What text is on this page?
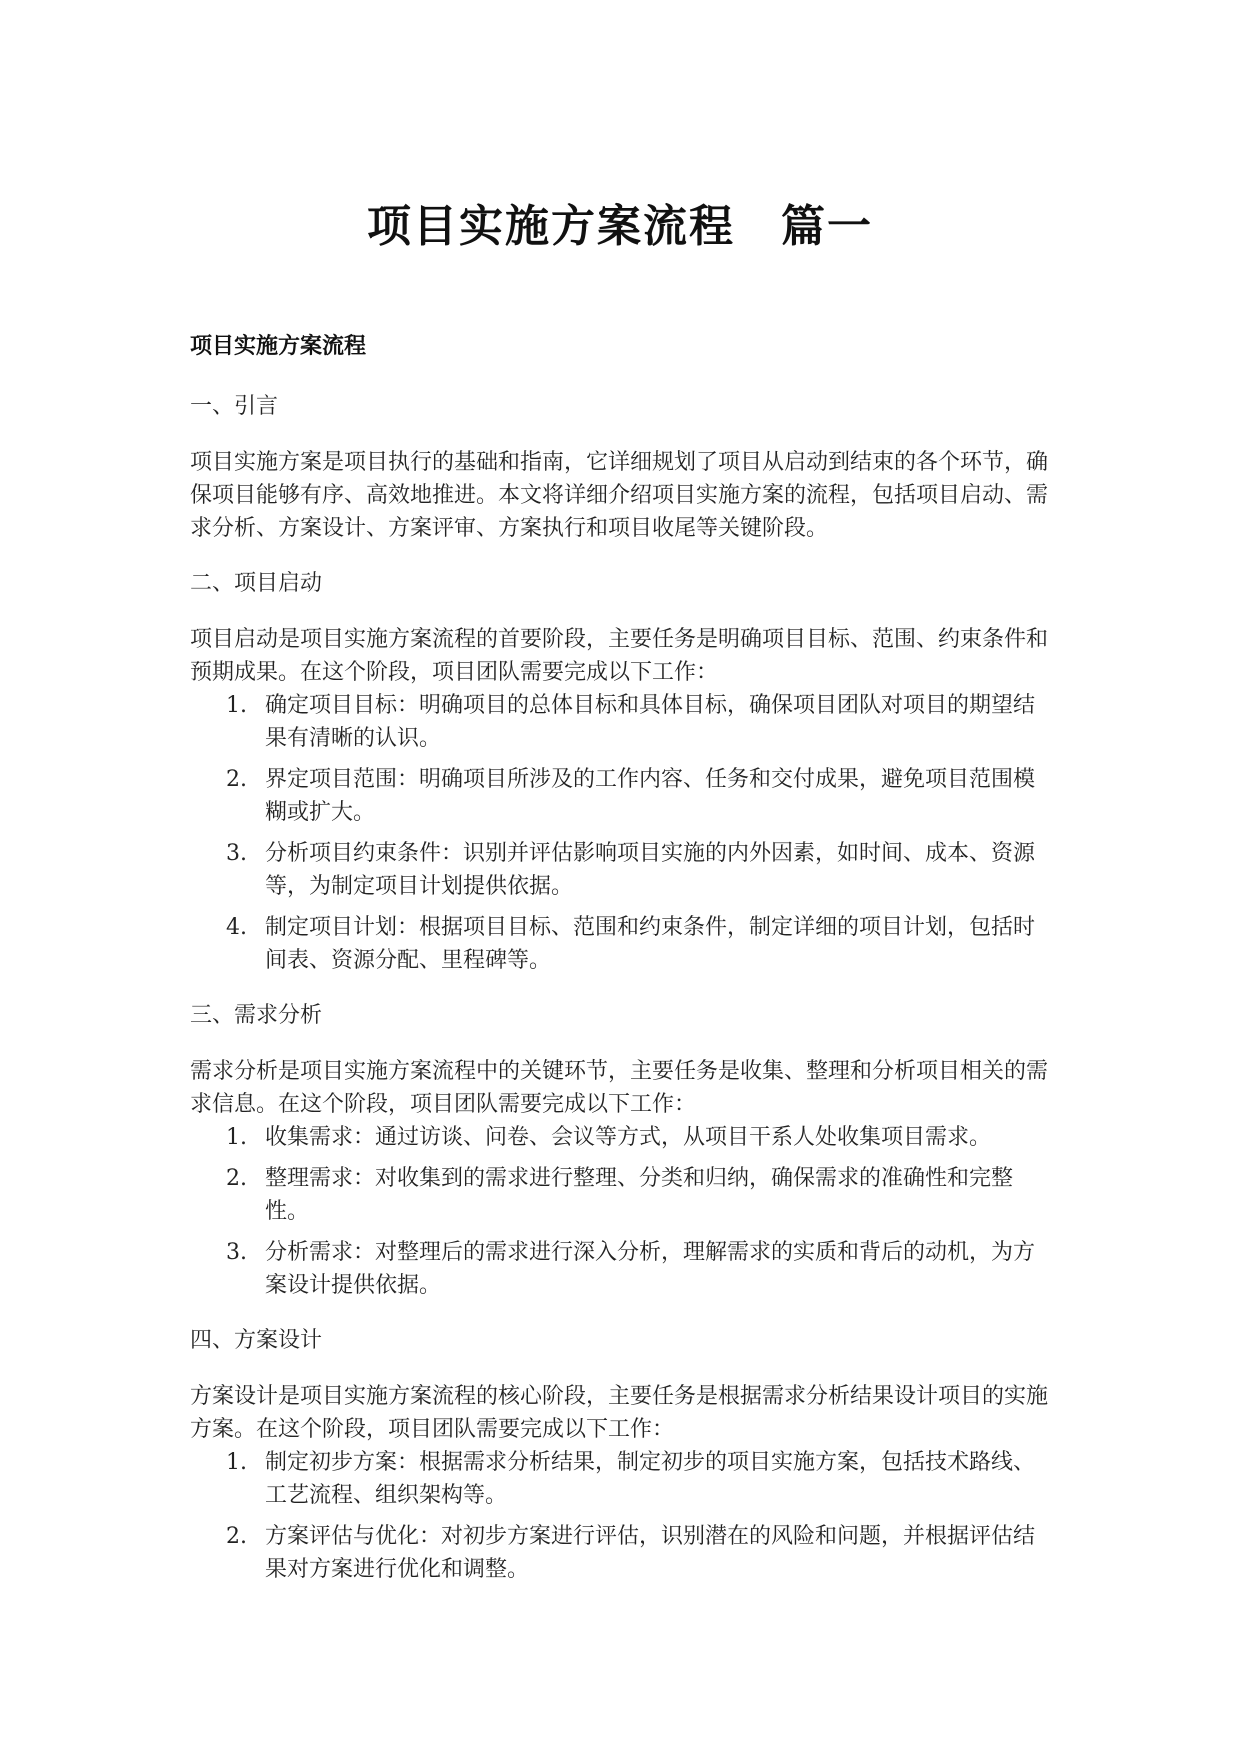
项目实施方案流程　篇一
项目实施方案流程
一、引言

项目实施方案是项目执行的基础和指南，它详细规划了项目从启动到结束的各个环节，确保项目能够有序、高效地推进。本文将详细介绍项目实施方案的流程，包括项目启动、需求分析、方案设计、方案评审、方案执行和项目收尾等关键阶段。

二、项目启动

项目启动是项目实施方案流程的首要阶段，主要任务是明确项目目标、范围、约束条件和预期成果。在这个阶段，项目团队需要完成以下工作：

1. 确定项目目标：明确项目的总体目标和具体目标，确保项目团队对项目的期望结果有清晰的认识。
2. 界定项目范围：明确项目所涉及的工作内容、任务和交付成果，避免项目范围模糊或扩大。
3. 分析项目约束条件：识别并评估影响项目实施的内外因素，如时间、成本、资源等，为制定项目计划提供依据。
4. 制定项目计划：根据项目目标、范围和约束条件，制定详细的项目计划，包括时间表、资源分配、里程碑等。
三、需求分析

需求分析是项目实施方案流程中的关键环节，主要任务是收集、整理和分析项目相关的需求信息。在这个阶段，项目团队需要完成以下工作：

1. 收集需求：通过访谈、问卷、会议等方式，从项目干系人处收集项目需求。
2. 整理需求：对收集到的需求进行整理、分类和归纳，确保需求的准确性和完整性。
3. 分析需求：对整理后的需求进行深入分析，理解需求的实质和背后的动机，为方案设计提供依据。
四、方案设计

方案设计是项目实施方案流程的核心阶段，主要任务是根据需求分析结果设计项目的实施方案。在这个阶段，项目团队需要完成以下工作：

1. 制定初步方案：根据需求分析结果，制定初步的项目实施方案，包括技术路线、工艺流程、组织架构等。
2. 方案评估与优化：对初步方案进行评估，识别潜在的风险和问题，并根据评估结果对方案进行优化和调整。
